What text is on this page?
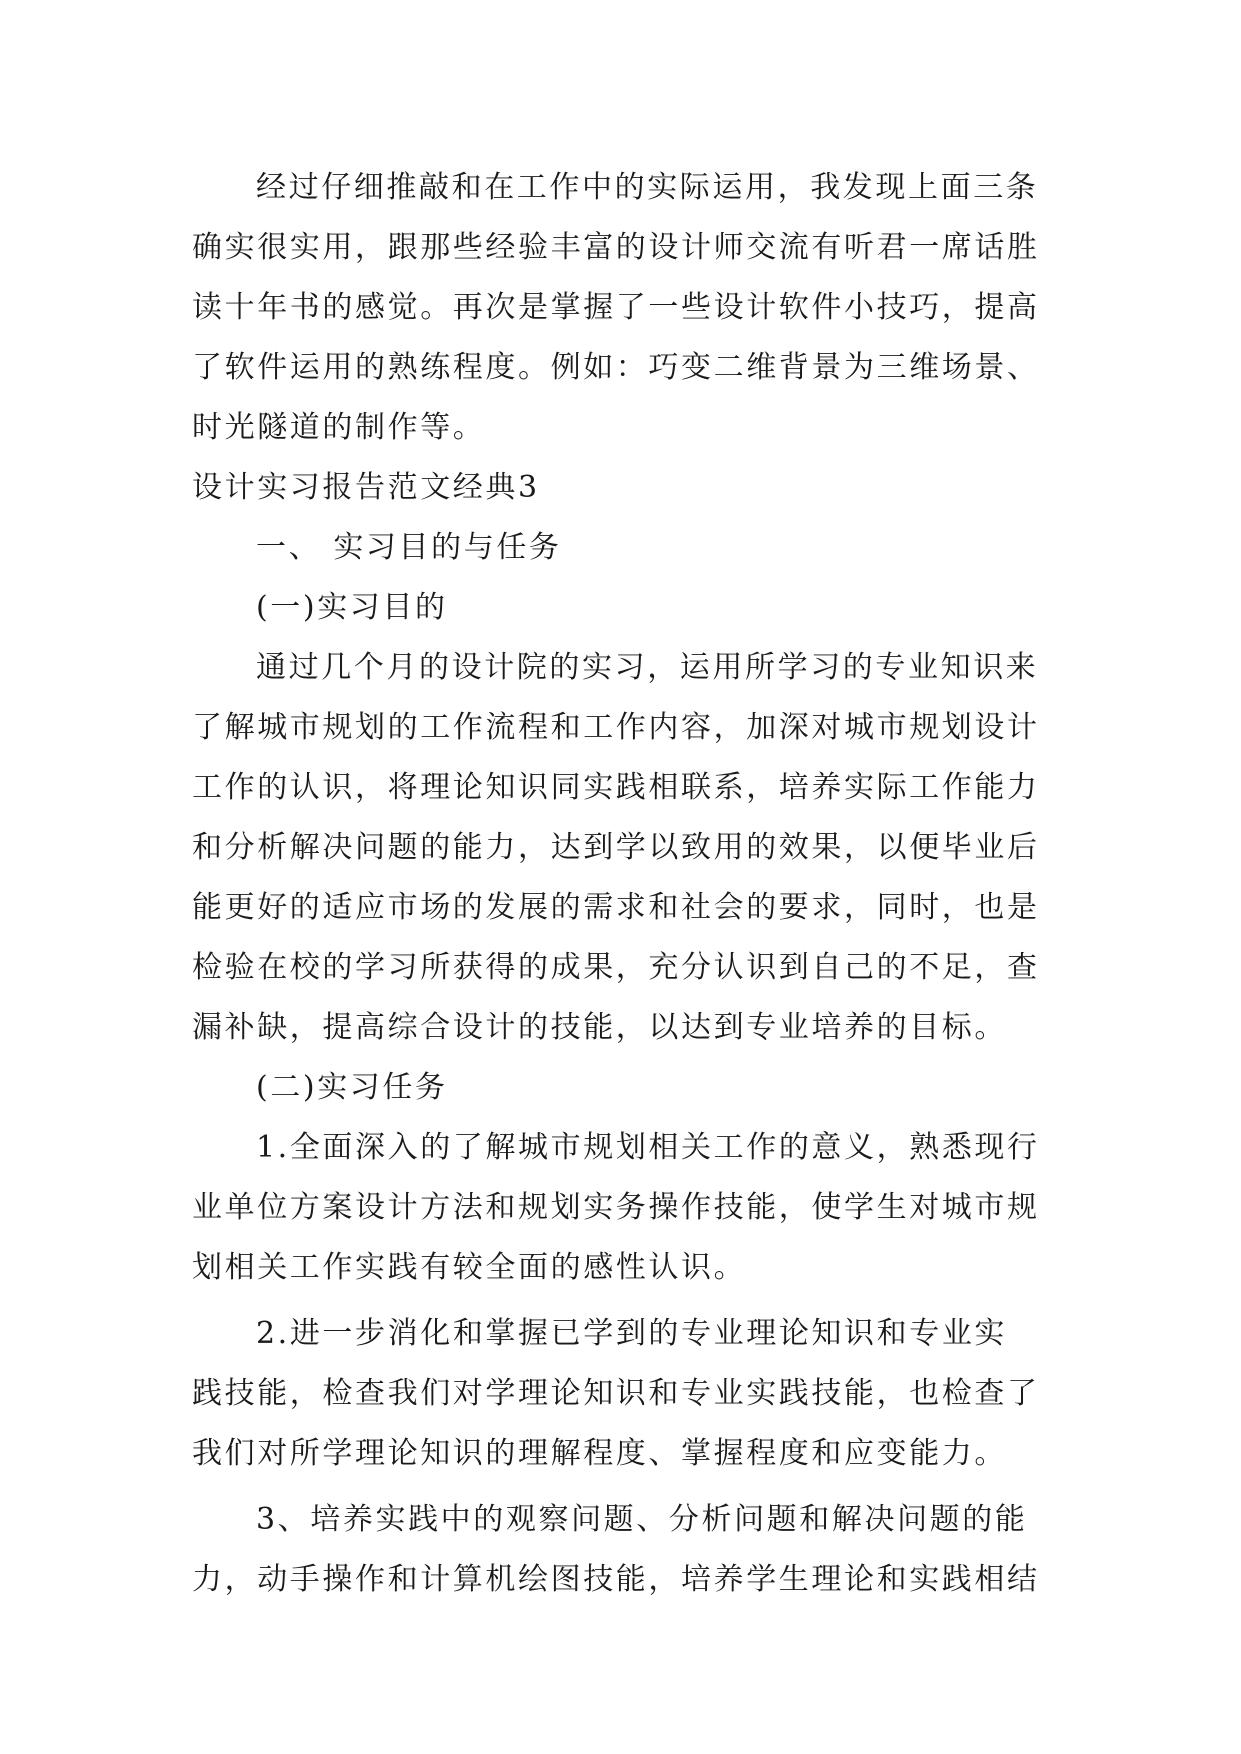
经过仔细推敲和在工作中的实际运用，我发现上面三条
确实很实用，跟那些经验丰富的设计师交流有听君一席话胜
读十年书的感觉。再次是掌握了一些设计软件小技巧，提高
了软件运用的熟练程度。例如：巧变二维背景为三维场景、
时光隧道的制作等。
设计实习报告范文经典3
一、 实习目的与任务
(一)实习目的
通过几个月的设计院的实习，运用所学习的专业知识来
了解城市规划的工作流程和工作内容，加深对城市规划设计
工作的认识，将理论知识同实践相联系，培养实际工作能力
和分析解决问题的能力，达到学以致用的效果，以便毕业后
能更好的适应市场的发展的需求和社会的要求，同时，也是
检验在校的学习所获得的成果，充分认识到自己的不足，查
漏补缺，提高综合设计的技能，以达到专业培养的目标。
(二)实习任务
1.全面深入的了解城市规划相关工作的意义，熟悉现行
业单位方案设计方法和规划实务操作技能，使学生对城市规
划相关工作实践有较全面的感性认识。
2.进一步消化和掌握已学到的专业理论知识和专业实
践技能，检查我们对学理论知识和专业实践技能，也检查了
我们对所学理论知识的理解程度、掌握程度和应变能力。
3、培养实践中的观察问题、分析问题和解决问题的能
力，动手操作和计算机绘图技能，培养学生理论和实践相结
